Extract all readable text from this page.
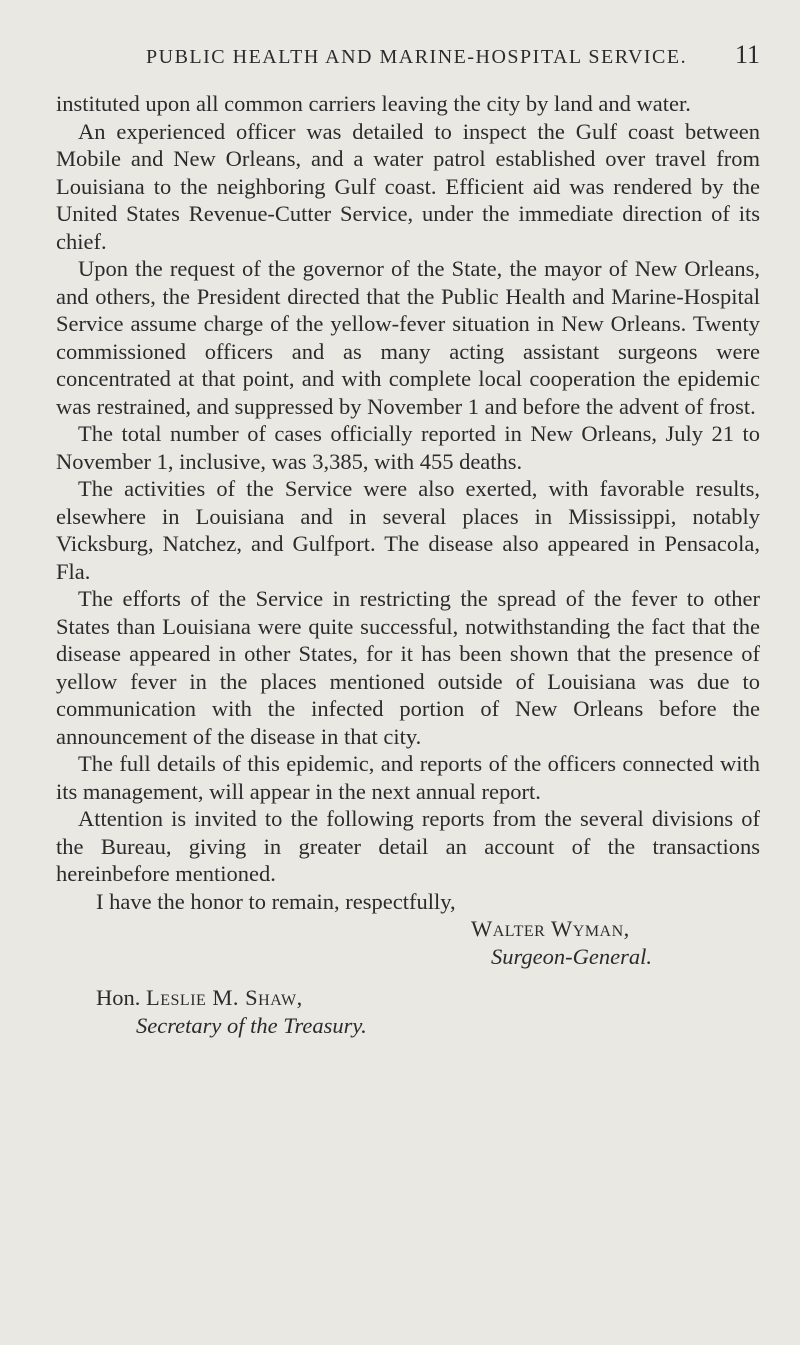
PUBLIC HEALTH AND MARINE-HOSPITAL SERVICE. 11

instituted upon all common carriers leaving the city by land and water.

An experienced officer was detailed to inspect the Gulf coast between Mobile and New Orleans, and a water patrol established over travel from Louisiana to the neighboring Gulf coast. Efficient aid was rendered by the United States Revenue-Cutter Service, under the immediate direction of its chief.

Upon the request of the governor of the State, the mayor of New Orleans, and others, the President directed that the Public Health and Marine-Hospital Service assume charge of the yellow-fever situation in New Orleans. Twenty commissioned officers and as many acting assistant surgeons were concentrated at that point, and with complete local cooperation the epidemic was restrained, and suppressed by November 1 and before the advent of frost.

The total number of cases officially reported in New Orleans, July 21 to November 1, inclusive, was 3,385, with 455 deaths.

The activities of the Service were also exerted, with favorable results, elsewhere in Louisiana and in several places in Mississippi, notably Vicksburg, Natchez, and Gulfport. The disease also appeared in Pensacola, Fla.

The efforts of the Service in restricting the spread of the fever to other States than Louisiana were quite successful, notwithstanding the fact that the disease appeared in other States, for it has been shown that the presence of yellow fever in the places mentioned outside of Louisiana was due to communication with the infected portion of New Orleans before the announcement of the disease in that city.

The full details of this epidemic, and reports of the officers connected with its management, will appear in the next annual report.

Attention is invited to the following reports from the several divisions of the Bureau, giving in greater detail an account of the transactions hereinbefore mentioned.

I have the honor to remain, respectfully,

Walter Wyman,

Surgeon-General.

Hon. Leslie M. Shaw,

Secretary of the Treasury.
